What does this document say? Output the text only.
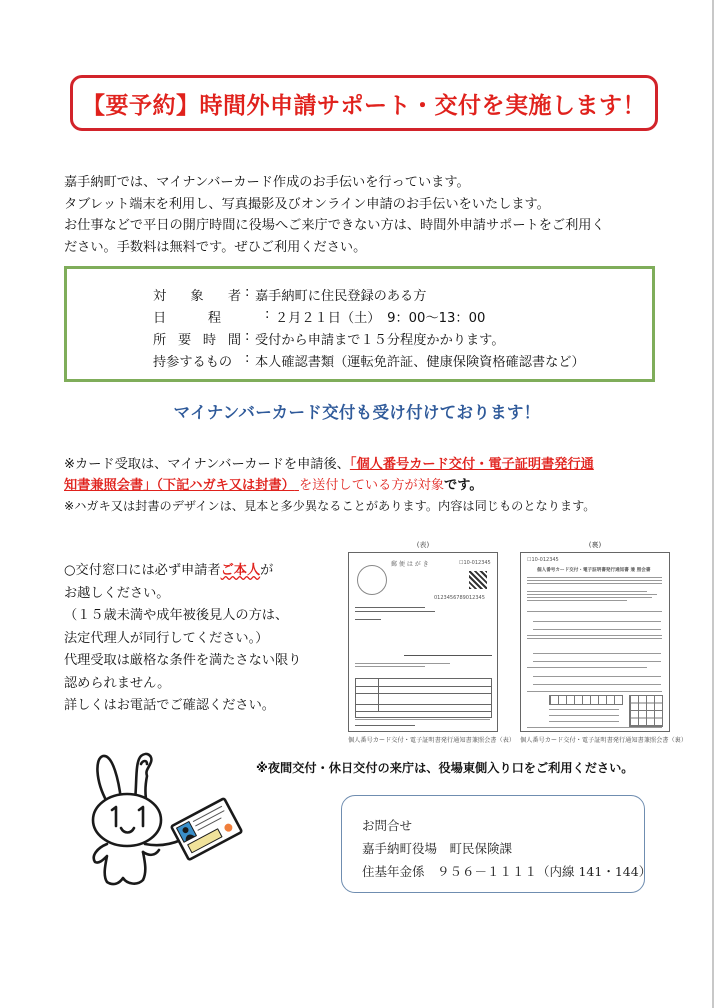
【要予約】時間外申請サポート・交付を実施します！

嘉手納町では、マイナンバーカード作成のお手伝いを行っています。

タブレット端末を利用し、写真撮影及びオンライン申請のお手伝いをいたします。

お仕事などで平日の開庁時間に役場へご来庁できない方は、時間外申請サポートをご利用く

ださい。手数料は無料です。ぜひご利用ください。

対 象 者 : 嘉手納町に住民登録のある方
日	程	: ２月２１日（土）　9：00〜13：00
所 要 時 間 : 受付から申請まで１５分程度かかります。
持参するもの : 本人確認書類（運転免許証、健康保険資格確認書など）
マイナンバーカード交付も受け付けております！

※カード受取は、マイナンバーカードを申請後、「個人番号カード交付・電子証明書発行通

知書兼照会書」（下記ハガキ又は封書） を送付している方が対象です。

※ハガキ又は封書のデザインは、見本と多少異なることがあります。内容は同じものとなります。

○交付窓口には必ず申請者ご本人が

お越しください。

（１５歳未満や成年被後見人の方は、

法定代理人が同行してください。）

代理受取は厳格な条件を満たさない限り

認められません。

詳しくはお電話でご確認ください。

(表)
郵 便 は が き	☐10-012345
0123456789012345
個人番号カード交付・電子証明書発行通知書兼照会書（表）
(裏)
☐10-012345
個人番号カード交付・電子証明書発行通知書 兼 照会書
個人番号カード交付・電子証明書発行通知書兼照会書（裏）
※夜間交付・休日交付の来庁は、役場東側入り口をご利用ください。

お問合せ

嘉手納町役場　町民保険課

住基年金係　９５６－１１１１（内線 141・144）
